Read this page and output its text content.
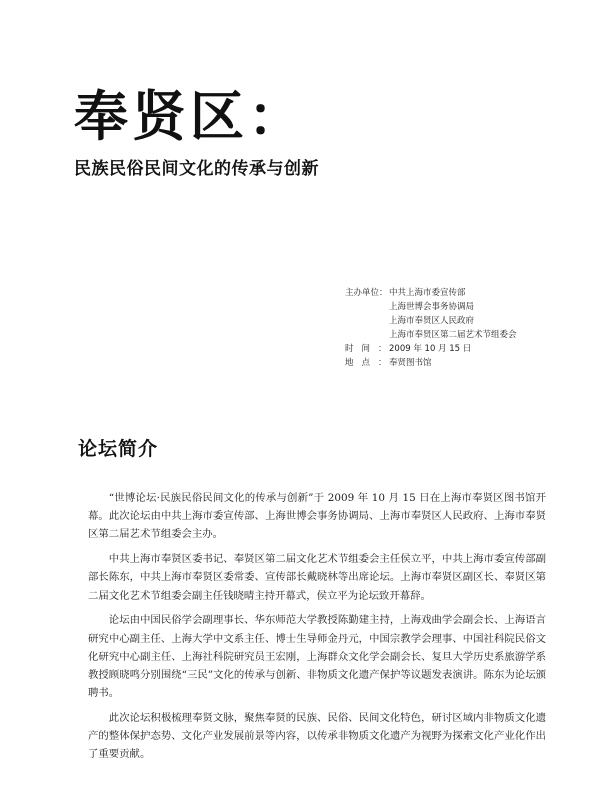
奉贤区：
民族民俗民间文化的传承与创新
主办单位： 中共上海市委宣传部
上海世博会事务协调局
上海市奉贤区人民政府
上海市奉贤区第二届艺术节组委会
时间：
2009 年 10 月 15 日
地点：
奉贤图书馆
论坛简介

“世博论坛·民族民俗民间文化的传承与创新”于 2009 年 10 月 15 日在上海市奉贤区图书馆开幕。此次论坛由中共上海市委宣传部、上海世博会事务协调局、上海市奉贤区人民政府、上海市奉贤区第二届艺术节组委会主办。

中共上海市奉贤区委书记、奉贤区第二届文化艺术节组委会主任侯立平，中共上海市委宣传部副部长陈东，中共上海市奉贤区委常委、宣传部长戴晓林等出席论坛。上海市奉贤区副区长、奉贤区第二届文化艺术节组委会副主任钱晓晴主持开幕式，侯立平为论坛致开幕辞。

论坛由中国民俗学会副理事长、华东师范大学教授陈勤建主持，上海戏曲学会副会长、上海语言研究中心副主任、上海大学中文系主任、博士生导师金丹元，中国宗教学会理事、中国社科院民俗文化研究中心副主任、上海社科院研究员王宏刚，上海群众文化学会副会长、复旦大学历史系旅游学系教授顾晓鸣分别围绕“三民”文化的传承与创新、非物质文化遗产保护等议题发表演讲。陈东为论坛颁聘书。

此次论坛积极梳理奉贤文脉，聚焦奉贤的民族、民俗、民间文化特色，研讨区域内非物质文化遗产的整体保护态势、文化产业发展前景等内容，以传承非物质文化遗产为视野为探索文化产业化作出了重要贡献。
